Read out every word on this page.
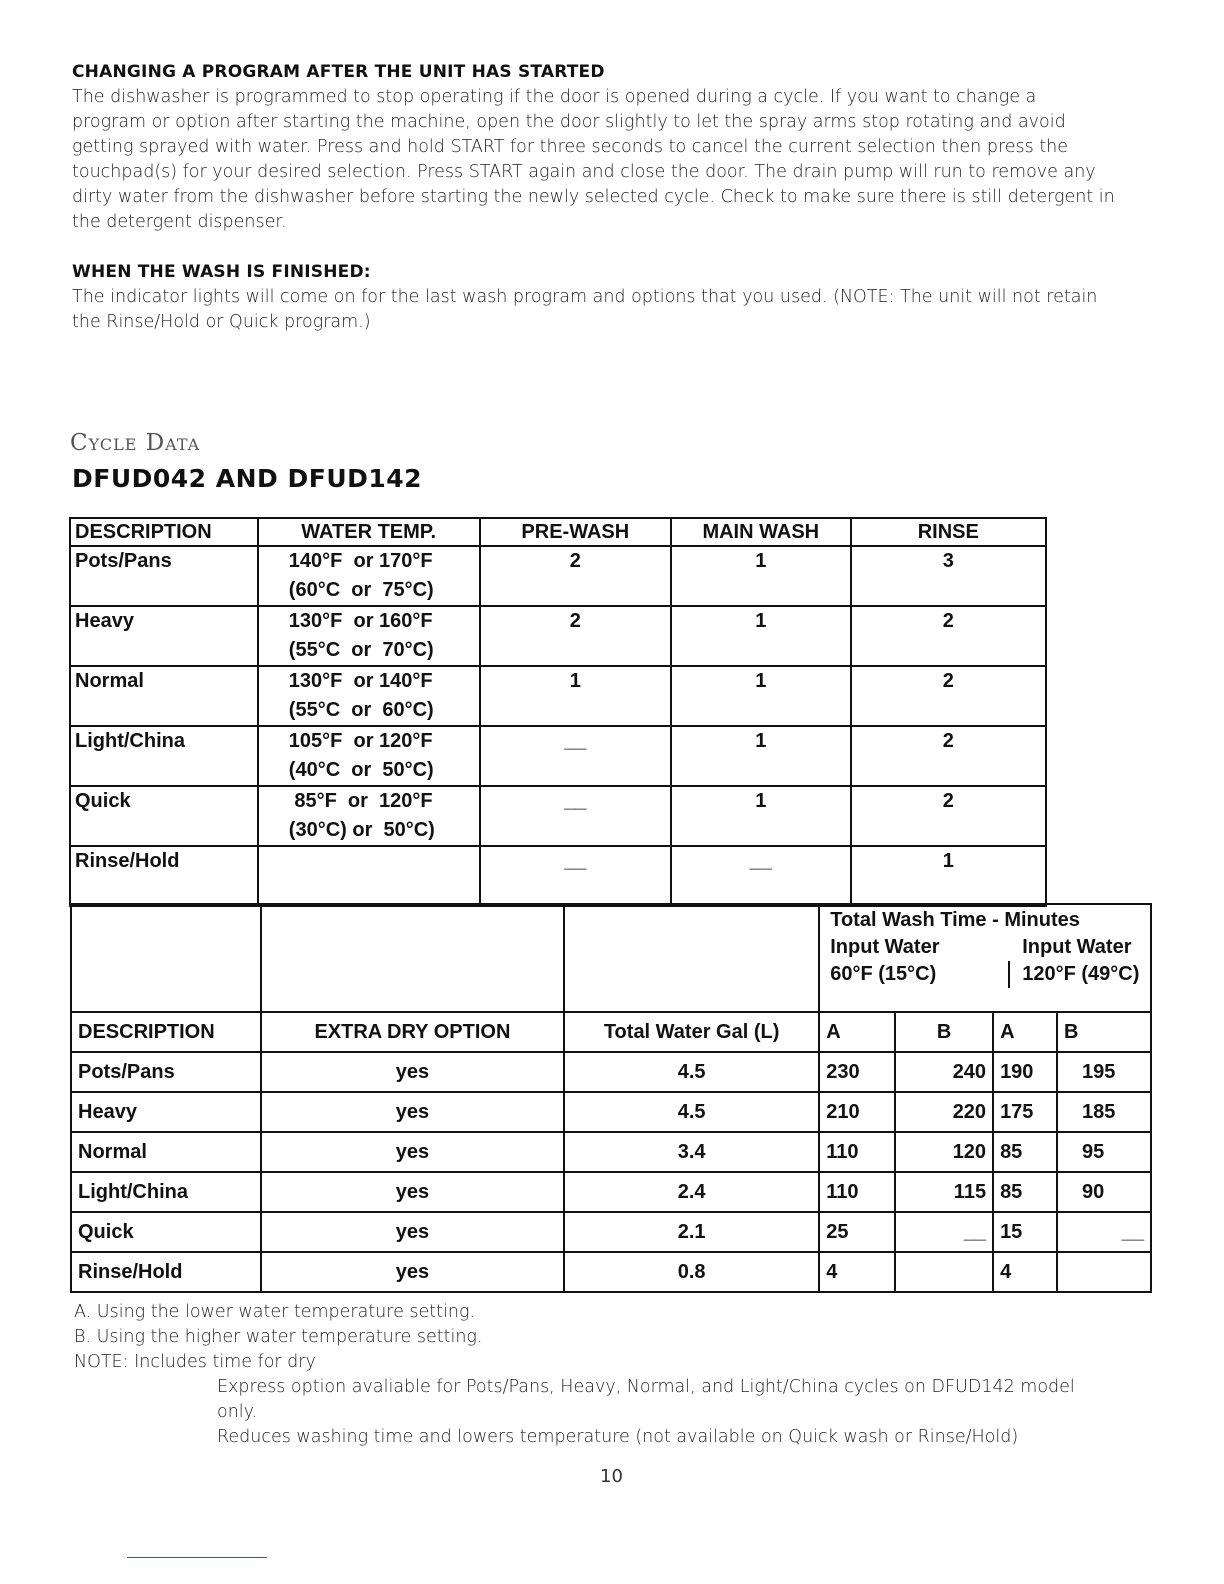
CHANGING A PROGRAM AFTER THE UNIT HAS STARTED
The dishwasher is programmed to stop operating if the door is opened during a cycle. If you want to change a
program or option after starting the machine, open the door slightly to let the spray arms stop rotating and avoid
getting sprayed with water. Press and hold START for three seconds to cancel the current selection then press the
touchpad(s) for your desired selection. Press START again and close the door. The drain pump will run to remove any
dirty water from the dishwasher before starting the newly selected cycle. Check to make sure there is still detergent in
the detergent dispenser.
WHEN THE WASH IS FINISHED:
The indicator lights will come on for the last wash program and options that you used. (NOTE: The unit will not retain
the Rinse/Hold or Quick program.)
Cycle Data
DFUD042 AND DFUD142
DESCRIPTION	WATER TEMP.	PRE-WASH	MAIN WASH	RINSE
Pots/Pans	140°F  or 170°F	2	1	3
	(60°C  or  75°C)			
Heavy	130°F  or 160°F	2	1	2
	(55°C  or  70°C)			
Normal	130°F  or 140°F	1	1	2
	(55°C  or  60°C)			
Light/China	105°F  or 120°F	__	1	2
	(40°C  or  50°C)			
Quick	85°F  or  120°F	__	1	2
	(30°C) or  50°C)			
Rinse/Hold		__	__	1

			Total Wash Time - Minutes
Input Water
60°F (15°C)
Input Water
120°F (49°C)			

DESCRIPTION	EXTRA DRY OPTION	Total Water Gal (L)	A	B	A	B
Pots/Pans	yes	4.5	230	240	190	195
Heavy	yes	4.5	210	220	175	185
Normal	yes	3.4	110	120	85	95
Light/China	yes	2.4	110	115	85	90
Quick	yes	2.1	25	__	15	__
Rinse/Hold	yes	0.8	4		4	
A. Using the lower water temperature setting.
B. Using the higher water temperature setting.
NOTE: Includes time for dry
Express option avaliable for Pots/Pans, Heavy, Normal, and Light/China cycles on DFUD142 model
only.
Reduces washing time and lowers temperature (not available on Quick wash or Rinse/Hold)
10
